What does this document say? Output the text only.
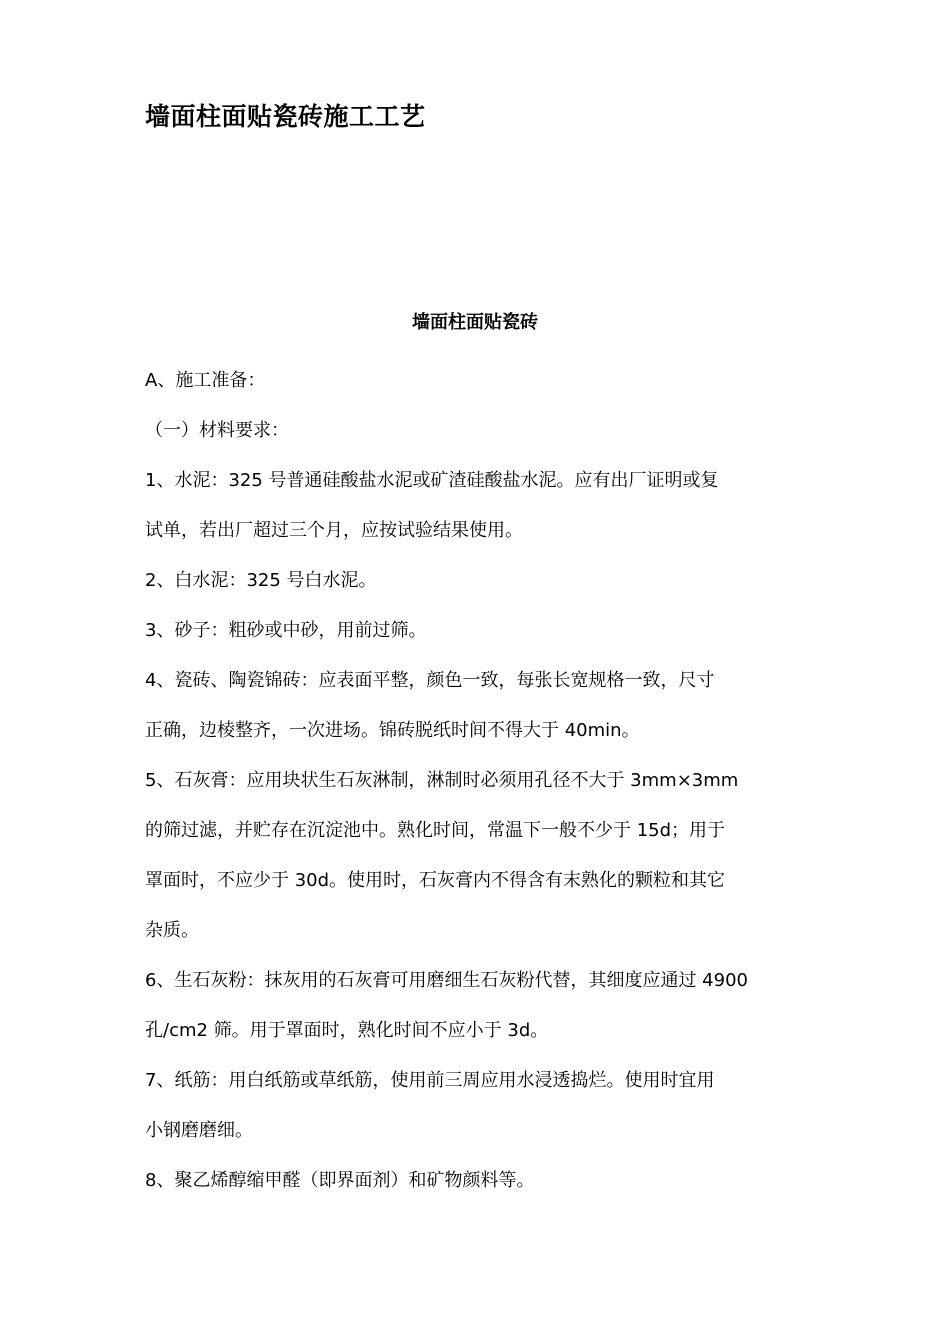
墙面柱面贴瓷砖施工工艺
墙面柱面贴瓷砖

A、施工准备：

（一）材料要求：

1、水泥：325 号普通硅酸盐水泥或矿渣硅酸盐水泥。应有出厂证明或复
试单，若出厂超过三个月，应按试验结果使用。

2、白水泥：325 号白水泥。

3、砂子：粗砂或中砂，用前过筛。

4、瓷砖、陶瓷锦砖：应表面平整，颜色一致，每张长宽规格一致，尺寸
正确，边棱整齐，一次进场。锦砖脱纸时间不得大于 40min。

5、石灰膏：应用块状生石灰淋制，淋制时必须用孔径不大于 3mm×3mm
的筛过滤，并贮存在沉淀池中。熟化时间，常温下一般不少于 15d；用于
罩面时，不应少于 30d。使用时，石灰膏内不得含有末熟化的颗粒和其它
杂质。

6、生石灰粉：抹灰用的石灰膏可用磨细生石灰粉代替，其细度应通过 4900
孔/cm2 筛。用于罩面时，熟化时间不应小于 3d。

7、纸筋：用白纸筋或草纸筋，使用前三周应用水浸透捣烂。使用时宜用
小钢磨磨细。

8、聚乙烯醇缩甲醛（即界面剂）和矿物颜料等。
